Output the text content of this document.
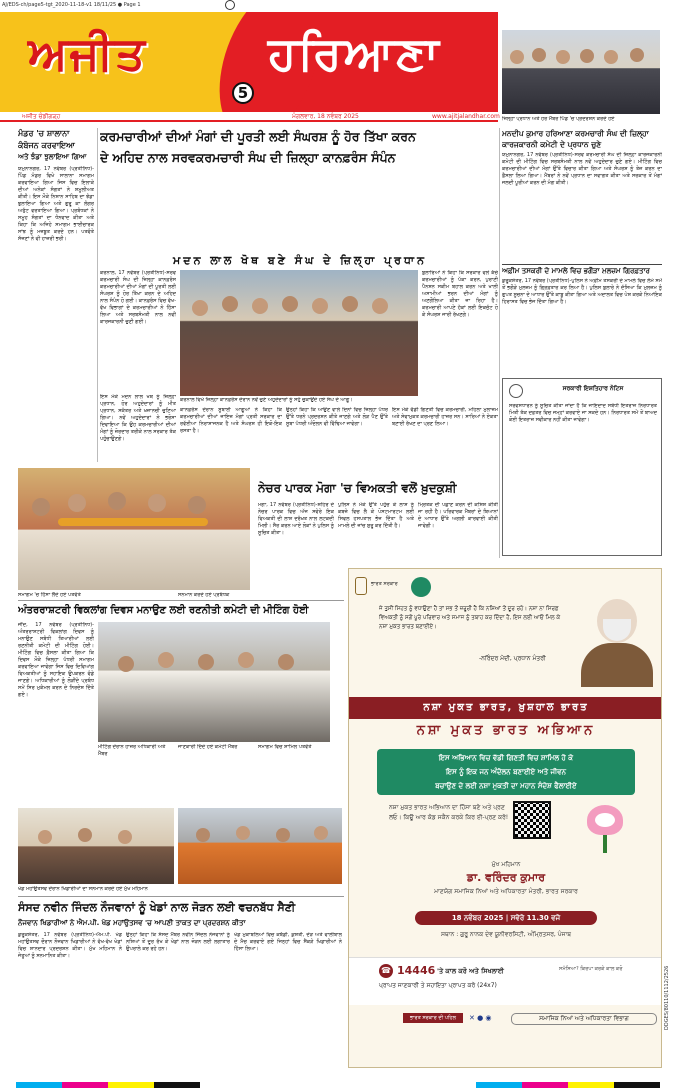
AJ/EDS-ch/page5-tgt_2020-11-18-v1 18/11/25 ● Page 1
ਅਜੀਤ	ਹਰਿਆਣਾ
5
ਅਜੀਤ ਚੰਡੀਗੜ੍ਹ	ਮੰਗਲਵਾਰ, 18 ਨਵੰਬਰ 2025	www.ajitjalandhar.com ਜ਼ਿਲ੍ਹਾ ਪ੍ਰਧਾਨ ਅਤੇ ਹੋਰ ਮੈਂਬਰ ਪਿੰਡ 'ਚ ਪ੍ਰਦਰਸ਼ਨ ਕਰਦੇ ਹੋਏ
ਮਨਦੀਪ ਕੁਮਾਰ ਹਰਿਆਣਾ ਕਰਮਚਾਰੀ ਸੰਘ ਦੀ ਜ਼ਿਲ੍ਹਾ ਕਾਰਜਕਾਰਨੀ ਕਮੇਟੀ ਦੇ ਪ੍ਰਧਾਨ ਚੁਣੇ
ਯਮੁਨਾਨਗਰ, 17 ਨਵੰਬਰ (ਪ੍ਰਤੀਨਿਧ)-ਸਰਵ ਕਰਮਚਾਰੀ ਸੰਘ ਦੀ ਜ਼ਿਲ੍ਹਾ ਕਾਰਜਕਾਰਨੀ ਕਮੇਟੀ ਦੀ ਮੀਟਿੰਗ ਵਿਚ ਸਰਬਸੰਮਤੀ ਨਾਲ ਨਵੇਂ ਅਹੁਦੇਦਾਰ ਚੁਣੇ ਗਏ। ਮੀਟਿੰਗ ਵਿਚ ਕਰਮਚਾਰੀਆਂ ਦੀਆਂ ਮੰਗਾਂ ਉੱਤੇ ਵਿਚਾਰ ਕੀਤਾ ਗਿਆ ਅਤੇ ਸੰਘਰਸ਼ ਨੂੰ ਤੇਜ਼ ਕਰਨ ਦਾ ਫ਼ੈਸਲਾ ਲਿਆ ਗਿਆ। ਮੈਂਬਰਾਂ ਨੇ ਨਵੇਂ ਪ੍ਰਧਾਨ ਦਾ ਸਵਾਗਤ ਕੀਤਾ ਅਤੇ ਸਰਕਾਰ ਤੋਂ ਮੰਗਾਂ ਜਲਦੀ ਪੂਰੀਆਂ ਕਰਨ ਦੀ ਮੰਗ ਕੀਤੀ।
ਅਫ਼ੀਮ ਤਸਕਰੀ ਦੇ ਮਾਮਲੇ ਵਿਚ ਭਗੌੜਾ ਮੁਲਜ਼ਮ ਗ੍ਰਿਫ਼ਤਾਰ
ਕੁਰੂਕਸ਼ੇਤਰ, 17 ਨਵੰਬਰ (ਪ੍ਰਤੀਨਿਧ)-ਪੁਲਿਸ ਨੇ ਅਫ਼ੀਮ ਤਸਕਰੀ ਦੇ ਮਾਮਲੇ ਵਿਚ ਲੰਮੇ ਸਮੇਂ ਤੋਂ ਭਗੌੜੇ ਮੁਲਜ਼ਮ ਨੂੰ ਗ੍ਰਿਫ਼ਤਾਰ ਕਰ ਲਿਆ ਹੈ। ਪੁਲਿਸ ਬੁਲਾਰੇ ਨੇ ਦੱਸਿਆ ਕਿ ਮੁਲਜ਼ਮ ਨੂੰ ਗੁਪਤ ਸੂਚਨਾ ਦੇ ਆਧਾਰ ਉੱਤੇ ਕਾਬੂ ਕੀਤਾ ਗਿਆ ਅਤੇ ਅਦਾਲਤ ਵਿਚ ਪੇਸ਼ ਕਰਕੇ ਨਿਆਂਇਕ ਹਿਰਾਸਤ ਵਿਚ ਭੇਜ ਦਿੱਤਾ ਗਿਆ ਹੈ।
ਸਰਕਾਰੀ ਇਸ਼ਤਿਹਾਰ ਨੋਟਿਸ
ਸਰਵਸਧਾਰਨ ਨੂੰ ਸੂਚਿਤ ਕੀਤਾ ਜਾਂਦਾ ਹੈ ਕਿ ਜਾਇਦਾਦ ਸਬੰਧੀ ਇਤਰਾਜ਼ ਨਿਰਧਾਰਤ ਮਿਤੀ ਤੱਕ ਦਫ਼ਤਰ ਵਿਚ ਜਮ੍ਹਾਂ ਕਰਵਾਏ ਜਾ ਸਕਦੇ ਹਨ। ਨਿਰਧਾਰਤ ਸਮੇਂ ਤੋਂ ਬਾਅਦ ਕੋਈ ਇਤਰਾਜ਼ ਸਵੀਕਾਰ ਨਹੀਂ ਕੀਤਾ ਜਾਵੇਗਾ।
ਮੰਡਰ 'ਚ ਸ਼ਾਲਾਨਾ
ਕੰਬੋਜਨ ਕਰਵਾਇਆ
ਅਤੇ ਝੰਡਾ ਝੁਲਾਇਆ ਗਿਆ
ਯਮੁਨਾਨਗਰ, 17 ਨਵੰਬਰ (ਪ੍ਰਤੀਨਿਧ)-ਪਿੰਡ ਮੰਡਰ ਵਿਖੇ ਸਾਲਾਨਾ ਸਮਾਗਮ ਕਰਵਾਇਆ ਗਿਆ ਜਿਸ ਵਿਚ ਇਲਾਕੇ ਦੀਆਂ ਅਨੇਕਾਂ ਸੰਗਤਾਂ ਨੇ ਸ਼ਮੂਲੀਅਤ ਕੀਤੀ। ਇਸ ਮੌਕੇ ਨਿਸ਼ਾਨ ਸਾਹਿਬ ਦਾ ਝੰਡਾ ਝੁਲਾਇਆ ਗਿਆ ਅਤੇ ਗੁਰੂ ਕਾ ਲੰਗਰ ਅਤੁੱਟ ਵਰਤਾਇਆ ਗਿਆ। ਪ੍ਰਬੰਧਕਾਂ ਨੇ ਸਮੂਹ ਸੰਗਤਾਂ ਦਾ ਧੰਨਵਾਦ ਕੀਤਾ ਅਤੇ ਕਿਹਾ ਕਿ ਅਜਿਹੇ ਸਮਾਗਮ ਭਾਈਚਾਰਕ ਸਾਂਝ ਨੂੰ ਮਜ਼ਬੂਤ ਕਰਦੇ ਹਨ। ਪਤਵੰਤੇ ਸੱਜਣਾਂ ਨੇ ਵੀ ਹਾਜ਼ਰੀ ਭਰੀ।
ਕਰਮਚਾਰੀਆਂ ਦੀਆਂ ਮੰਗਾਂ ਦੀ ਪੂਰਤੀ ਲਈ ਸੰਘਰਸ਼ ਨੂੰ ਹੋਰ ਤਿੱਖਾ ਕਰਨ
ਦੇ ਅਹਿਦ ਨਾਲ ਸਰਵਕਰਮਚਾਰੀ ਸੰਘ ਦੀ ਜ਼ਿਲ੍ਹਾ ਕਾਨਫ਼ਰੰਸ ਸੰਪੰਨ
ਮਦਨ ਲਾਲ ਖੋਥ ਬਣੇ ਸੰਘ ਦੇ ਜ਼ਿਲ੍ਹਾ ਪ੍ਰਧਾਨ
ਕਰਨਾਲ, 17 ਨਵੰਬਰ (ਪ੍ਰਤੀਨਿਧ)-ਸਰਵ ਕਰਮਚਾਰੀ ਸੰਘ ਦੀ ਜ਼ਿਲ੍ਹਾ ਕਾਨਫ਼ਰੰਸ ਕਰਮਚਾਰੀਆਂ ਦੀਆਂ ਮੰਗਾਂ ਦੀ ਪੂਰਤੀ ਲਈ ਸੰਘਰਸ਼ ਨੂੰ ਹੋਰ ਤਿੱਖਾ ਕਰਨ ਦੇ ਅਹਿਦ ਨਾਲ ਸੰਪੰਨ ਹੋ ਗਈ। ਕਾਨਫ਼ਰੰਸ ਵਿਚ ਵੱਖ-ਵੱਖ ਵਿਭਾਗਾਂ ਦੇ ਕਰਮਚਾਰੀਆਂ ਨੇ ਹਿੱਸਾ ਲਿਆ ਅਤੇ ਸਰਬਸੰਮਤੀ ਨਾਲ ਨਵੀਂ ਕਾਰਜਕਾਰਨੀ ਚੁਣੀ ਗਈ।
ਬੁਲਾਰਿਆਂ ਨੇ ਕਿਹਾ ਕਿ ਸਰਕਾਰ ਵਲੋਂ ਕੱਚੇ ਕਰਮਚਾਰੀਆਂ ਨੂੰ ਪੱਕਾ ਕਰਨ, ਪੁਰਾਣੀ ਪੈਨਸ਼ਨ ਸਕੀਮ ਬਹਾਲ ਕਰਨ ਅਤੇ ਖਾਲੀ ਅਸਾਮੀਆਂ ਭਰਨ ਦੀਆਂ ਮੰਗਾਂ ਨੂੰ ਅਣਗੌਲਿਆ ਕੀਤਾ ਜਾ ਰਿਹਾ ਹੈ। ਕਰਮਚਾਰੀ ਆਪਣੇ ਹੱਕਾਂ ਲਈ ਇਕਜੁੱਟ ਹੋ ਕੇ ਸੰਘਰਸ਼ ਜਾਰੀ ਰੱਖਣਗੇ।
ਕਰਨਾਲ ਵਿਖੇ ਜ਼ਿਲ੍ਹਾ ਕਾਨਫ਼ਰੰਸ ਦੌਰਾਨ ਨਵੇਂ ਚੁਣੇ ਅਹੁਦੇਦਾਰਾਂ ਨੂੰ ਸਹੁੰ ਚੁਕਾਉਂਦੇ ਹੋਏ ਸੰਘ ਦੇ ਆਗੂ।
ਇਸ ਮੌਕੇ ਮਦਨ ਲਾਲ ਖੋਥ ਨੂੰ ਜ਼ਿਲ੍ਹਾ ਪ੍ਰਧਾਨ, ਹੋਰ ਅਹੁਦੇਦਾਰਾਂ ਨੂੰ ਮੀਤ ਪ੍ਰਧਾਨ, ਸਕੱਤਰ ਅਤੇ ਖ਼ਜ਼ਾਨਚੀ ਚੁਣਿਆ ਗਿਆ। ਨਵੇਂ ਅਹੁਦੇਦਾਰਾਂ ਨੇ ਭਰੋਸਾ ਦਿਵਾਇਆ ਕਿ ਉਹ ਕਰਮਚਾਰੀਆਂ ਦੀਆਂ ਮੰਗਾਂ ਨੂੰ ਜ਼ੋਰਦਾਰ ਤਰੀਕੇ ਨਾਲ ਸਰਕਾਰ ਤੱਕ ਪਹੁੰਚਾਉਣਗੇ।
ਕਾਨਫ਼ਰੰਸ ਦੌਰਾਨ ਸੂਬਾਈ ਆਗੂਆਂ ਨੇ ਕਿਹਾ ਕਿ ਕਰਮਚਾਰੀਆਂ ਦੀਆਂ ਜਾਇਜ਼ ਮੰਗਾਂ ਪ੍ਰਤੀ ਸਰਕਾਰ ਦਾ ਰਵੱਈਆ ਨਿਰਾਸ਼ਾਜਨਕ ਹੈ ਅਤੇ ਸੰਘਰਸ਼ ਹੀ ਇਕੋ-ਇਕ ਰਸਤਾ ਹੈ।
ਉਨ੍ਹਾਂ ਕਿਹਾ ਕਿ ਆਉਣ ਵਾਲੇ ਦਿਨਾਂ ਵਿਚ ਜ਼ਿਲ੍ਹਾ ਪੱਧਰ ਉੱਤੇ ਧਰਨੇ ਪ੍ਰਦਰਸ਼ਨ ਕੀਤੇ ਜਾਣਗੇ ਅਤੇ ਲੋੜ ਪੈਣ ਉੱਤੇ ਸੂਬਾ ਪੱਧਰੀ ਅੰਦੋਲਨ ਵੀ ਵਿੱਢਿਆ ਜਾਵੇਗਾ।
ਇਸ ਮੌਕੇ ਵੱਡੀ ਗਿਣਤੀ ਵਿਚ ਕਰਮਚਾਰੀ, ਮਹਿਲਾ ਮੁਲਾਜ਼ਮ ਅਤੇ ਸੇਵਾਮੁਕਤ ਕਰਮਚਾਰੀ ਹਾਜ਼ਰ ਸਨ। ਸਾਰਿਆਂ ਨੇ ਏਕਤਾ ਬਣਾਈ ਰੱਖਣ ਦਾ ਪ੍ਰਣ ਲਿਆ।
ਸਮਾਗਮ 'ਚ ਹਿੱਸਾ ਲੈਂਦੇ ਹੋਏ ਪਤਵੰਤੇ	ਸਨਮਾਨ ਕਰਦੇ ਹੋਏ ਪ੍ਰਬੰਧਕ
ਨੇਚਰ ਪਾਰਕ ਮੋਗਾ 'ਚ ਵਿਅਕਤੀ ਵਲੋਂ ਖ਼ੁਦਕੁਸ਼ੀ
ਮੋਗਾ, 17 ਨਵੰਬਰ (ਪ੍ਰਤੀਨਿਧ)-ਸ਼ਹਿਰ ਦੇ ਨੇਚਰ ਪਾਰਕ ਵਿਚ ਅੱਜ ਸਵੇਰੇ ਇਕ ਵਿਅਕਤੀ ਦੀ ਲਾਸ਼ ਦਰੱਖ਼ਤ ਨਾਲ ਲਟਕਦੀ ਮਿਲੀ। ਸੈਰ ਕਰਨ ਆਏ ਲੋਕਾਂ ਨੇ ਪੁਲਿਸ ਨੂੰ ਸੂਚਿਤ ਕੀਤਾ।
ਪੁਲਿਸ ਨੇ ਮੌਕੇ ਉੱਤੇ ਪਹੁੰਚ ਕੇ ਲਾਸ਼ ਨੂੰ ਕਬਜ਼ੇ ਵਿਚ ਲੈ ਕੇ ਪੋਸਟਮਾਰਟਮ ਲਈ ਸਿਵਲ ਹਸਪਤਾਲ ਭੇਜ ਦਿੱਤਾ ਹੈ ਅਤੇ ਮਾਮਲੇ ਦੀ ਜਾਂਚ ਸ਼ੁਰੂ ਕਰ ਦਿੱਤੀ ਹੈ।
ਮ੍ਰਿਤਕ ਦੀ ਪਛਾਣ ਕਰਨ ਦੀ ਕੋਸ਼ਿਸ਼ ਕੀਤੀ ਜਾ ਰਹੀ ਹੈ। ਪਰਿਵਾਰਕ ਮੈਂਬਰਾਂ ਦੇ ਬਿਆਨਾਂ ਦੇ ਆਧਾਰ ਉੱਤੇ ਅਗਲੀ ਕਾਰਵਾਈ ਕੀਤੀ ਜਾਵੇਗੀ।
ਅੰਤਰਰਾਸ਼ਟਰੀ ਵਿਕਲਾਂਗ ਦਿਵਸ ਮਨਾਉਣ ਲਈ ਰਣਨੀਤੀ ਕਮੇਟੀ ਦੀ ਮੀਟਿੰਗ ਹੋਈ
ਜੀਂਦ, 17 ਨਵੰਬਰ (ਪ੍ਰਤੀਨਿਧ)-ਅੰਤਰਰਾਸ਼ਟਰੀ ਵਿਕਲਾਂਗ ਦਿਵਸ ਨੂੰ ਮਨਾਉਣ ਸਬੰਧੀ ਤਿਆਰੀਆਂ ਲਈ ਰਣਨੀਤੀ ਕਮੇਟੀ ਦੀ ਮੀਟਿੰਗ ਹੋਈ। ਮੀਟਿੰਗ ਵਿਚ ਫ਼ੈਸਲਾ ਕੀਤਾ ਗਿਆ ਕਿ ਦਿਵਸ ਮੌਕੇ ਜ਼ਿਲ੍ਹਾ ਪੱਧਰੀ ਸਮਾਗਮ ਕਰਵਾਇਆ ਜਾਵੇਗਾ ਜਿਸ ਵਿਚ ਦਿਵਿਆਂਗ ਵਿਅਕਤੀਆਂ ਨੂੰ ਸਹਾਇਕ ਉਪਕਰਨ ਵੰਡੇ ਜਾਣਗੇ। ਅਧਿਕਾਰੀਆਂ ਨੂੰ ਲੋੜੀਂਦੇ ਪ੍ਰਬੰਧ ਸਮੇਂ ਸਿਰ ਮੁਕੰਮਲ ਕਰਨ ਦੇ ਨਿਰਦੇਸ਼ ਦਿੱਤੇ ਗਏ।
ਮੀਟਿੰਗ ਦੌਰਾਨ ਹਾਜ਼ਰ ਅਧਿਕਾਰੀ ਅਤੇ ਮੈਂਬਰ
ਜਾਣਕਾਰੀ ਦਿੰਦੇ ਹੋਏ ਕਮੇਟੀ ਮੈਂਬਰ	ਸਮਾਗਮ ਵਿਚ ਸ਼ਾਮਿਲ ਪਤਵੰਤੇ
ਖੇਡ ਮਹਾਂਉਤਸਵ ਦੌਰਾਨ ਖਿਡਾਰੀਆਂ ਦਾ ਸਨਮਾਨ ਕਰਦੇ ਹੋਏ ਮੁੱਖ ਮਹਿਮਾਨ
ਸੰਸਦ ਨਵੀਨ ਜਿੰਦਲ ਨੌਜਵਾਨਾਂ ਨੂੰ ਖੇਡਾਂ ਨਾਲ ਜੋੜਨ ਲਈ ਵਚਨਬੱਧ ਸੈਣੀ
ਨੌਜਵਾਨ ਖਿਡਾਰੀਆਂ ਨੇ ਐਮ.ਪੀ. ਖੇਡ ਮਹਾਂਉਤਸਵ 'ਚ ਆਪਣੀ ਤਾਕਤ ਦਾ ਪ੍ਰਦਰਸ਼ਨ ਕੀਤਾ
ਕੁਰੂਕਸ਼ੇਤਰ, 17 ਨਵੰਬਰ (ਪ੍ਰਤੀਨਿਧ)-ਐਮ.ਪੀ. ਖੇਡ ਮਹਾਂਉਤਸਵ ਦੌਰਾਨ ਨੌਜਵਾਨ ਖਿਡਾਰੀਆਂ ਨੇ ਵੱਖ-ਵੱਖ ਖੇਡਾਂ ਵਿਚ ਸ਼ਾਨਦਾਰ ਪ੍ਰਦਰਸ਼ਨ ਕੀਤਾ। ਮੁੱਖ ਮਹਿਮਾਨ ਨੇ ਜੇਤੂਆਂ ਨੂੰ ਸਨਮਾਨਿਤ ਕੀਤਾ।
ਉਨ੍ਹਾਂ ਕਿਹਾ ਕਿ ਸੰਸਦ ਮੈਂਬਰ ਨਵੀਨ ਜਿੰਦਲ ਨੌਜਵਾਨਾਂ ਨੂੰ ਨਸ਼ਿਆਂ ਤੋਂ ਦੂਰ ਰੱਖ ਕੇ ਖੇਡਾਂ ਨਾਲ ਜੋੜਨ ਲਈ ਲਗਾਤਾਰ ਉਪਰਾਲੇ ਕਰ ਰਹੇ ਹਨ।
ਖੇਡ ਮੁਕਾਬਲਿਆਂ ਵਿਚ ਕਬੱਡੀ, ਕੁਸ਼ਤੀ, ਦੌੜ ਅਤੇ ਵਾਲੀਬਾਲ ਦੇ ਮੈਚ ਕਰਵਾਏ ਗਏ ਜਿਨ੍ਹਾਂ ਵਿਚ ਸੈਂਕੜੇ ਖਿਡਾਰੀਆਂ ਨੇ ਹਿੱਸਾ ਲਿਆ।
ਭਾਰਤ ਸਰਕਾਰ
ਜੇ ਤੁਸੀਂ ਸਿਹਤ ਨੂੰ ਵਧਾਉਣਾ ਹੈ ਤਾਂ ਸਭ ਤੋਂ ਜ਼ਰੂਰੀ ਹੈ ਕਿ ਨਸ਼ਿਆਂ ਤੋਂ ਦੂਰ ਰਹੋ। ਨਸ਼ਾ ਨਾ ਸਿਰਫ਼ ਵਿਅਕਤੀ ਨੂੰ ਸਗੋਂ ਪੂਰੇ ਪਰਿਵਾਰ ਅਤੇ ਸਮਾਜ ਨੂੰ ਤਬਾਹ ਕਰ ਦਿੰਦਾ ਹੈ, ਇਸ ਲਈ ਆਓ ਮਿਲ ਕੇ ਨਸ਼ਾ ਮੁਕਤ ਭਾਰਤ ਬਣਾਈਏ।
-ਨਰਿੰਦਰ ਮੋਦੀ, ਪ੍ਰਧਾਨ ਮੰਤਰੀ
ਨਸ਼ਾ ਮੁਕਤ ਭਾਰਤ, ਖ਼ੁਸ਼ਹਾਲ ਭਾਰਤ
ਨਸ਼ਾ ਮੁਕਤ ਭਾਰਤ ਅਭਿਆਨ
ਇਸ ਅਭਿਆਨ ਵਿਚ ਵੱਡੀ ਗਿਣਤੀ ਵਿਚ ਸ਼ਾਮਿਲ ਹੋ ਕੇ
ਇਸ ਨੂੰ ਇਕ ਜਨ ਅੰਦੋਲਨ ਬਣਾਈਏ ਅਤੇ ਜੀਵਨ
ਬਚਾਉਣ ਦੇ ਲਈ ਨਸ਼ਾ ਮੁਕਤੀ ਦਾ ਮਹਾਨ ਸੰਦੇਸ਼ ਫੈਲਾਈਏ
ਨਸ਼ਾ ਮੁਕਤ ਭਾਰਤ ਅਭਿਆਨ ਦਾ ਹਿੱਸਾ ਬਣੋ ਅਤੇ ਪ੍ਰਣ ਲਓ। ਕਿਊ ਆਰ ਕੋਡ ਸਕੈਨ ਕਰਕੇ ਕਿਰ ਈ-ਪ੍ਰਣ ਕਰੋ!
ਮੁੱਖ ਮਹਿਮਾਨ
ਡਾ. ਵਰਿੰਦਰ ਕੁਮਾਰ
ਮਾਣਯੋਗ ਸਮਾਜਿਕ ਨਿਆਂ ਅਤੇ ਅਧਿਕਾਰਤਾ ਮੰਤਰੀ, ਭਾਰਤ ਸਰਕਾਰ
18 ਨਵੰਬਰ 2025 | ਸਵੇਰੇ 11.30 ਵਜੇ
ਸਥਾਨ : ਗੁਰੂ ਨਾਨਕ ਦੇਵ ਯੂਨੀਵਰਸਿਟੀ, ਅੰਮ੍ਰਿਤਸਰ, ਪੰਜਾਬ
☎ 14446 'ਤੇ ਕਾਲ ਕਰੋ ਅਤੇ ਸਿਖਲਾਈ
ਪ੍ਰਾਪਤ ਜਾਣਕਾਰੀ ਤੇ ਸਹਾਇਤਾ ਪ੍ਰਾਪਤ ਕਰੋ (24x7)
ਸਮੱਸਿਆ? ਕਿਰਪਾ ਕਰਕੇ ਕਾਲ ਕਰੋ
ਭਾਰਤ ਸਰਕਾਰ ਦੀ ਪਹਿਲ	✕ ● ◉	ਸਮਾਜਿਕ ਨਿਆਂ ਅਤੇ ਅਧਿਕਾਰਤਾ ਵਿਭਾਗ	DDGES/80110/1112/2526
